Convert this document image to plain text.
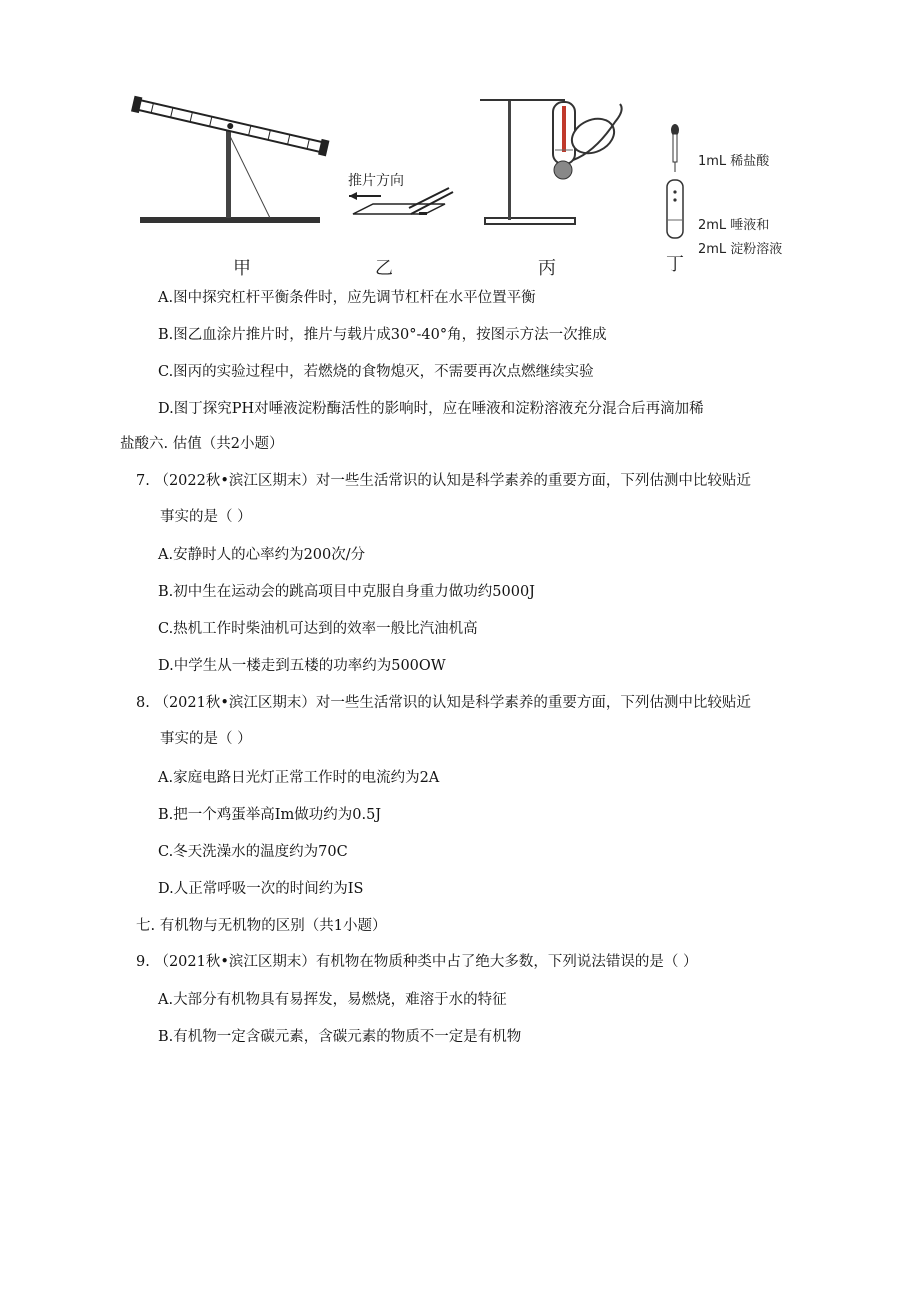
甲
推片方向
乙	丙
1mL 稀盐酸
2mL 唾液和
2mL 淀粉溶液
丁
A.图中探究杠杆平衡条件时，应先调节杠杆在水平位置平衡
B.图乙血涂片推片时，推片与载片成30°-40°角，按图示方法一次推成
C.图丙的实验过程中，若燃烧的食物熄灭，不需要再次点燃继续实验
D.图丁探究PH对唾液淀粉酶活性的影响时，应在唾液和淀粉溶液充分混合后再滴加稀
盐酸六. 估值（共2小题）
7. （2022秋•滨江区期末）对一些生活常识的认知是科学素养的重要方面，下列估测中比较贴近
事实的是（ ）
A.安静时人的心率约为200次/分
B.初中生在运动会的跳高项目中克服自身重力做功约5000J
C.热机工作时柴油机可达到的效率一般比汽油机高
D.中学生从一楼走到五楼的功率约为500OW
8. （2021秋•滨江区期末）对一些生活常识的认知是科学素养的重要方面，下列估测中比较贴近
事实的是（ ）
A.家庭电路日光灯正常工作时的电流约为2A
B.把一个鸡蛋举高Im做功约为0.5J
C.冬天洗澡水的温度约为70C
D.人正常呼吸一次的时间约为IS
七. 有机物与无机物的区别（共1小题）
9. （2021秋•滨江区期末）有机物在物质种类中占了绝大多数，下列说法错误的是（ ）
A.大部分有机物具有易挥发，易燃烧，难溶于水的特征
B.有机物一定含碳元素，含碳元素的物质不一定是有机物
